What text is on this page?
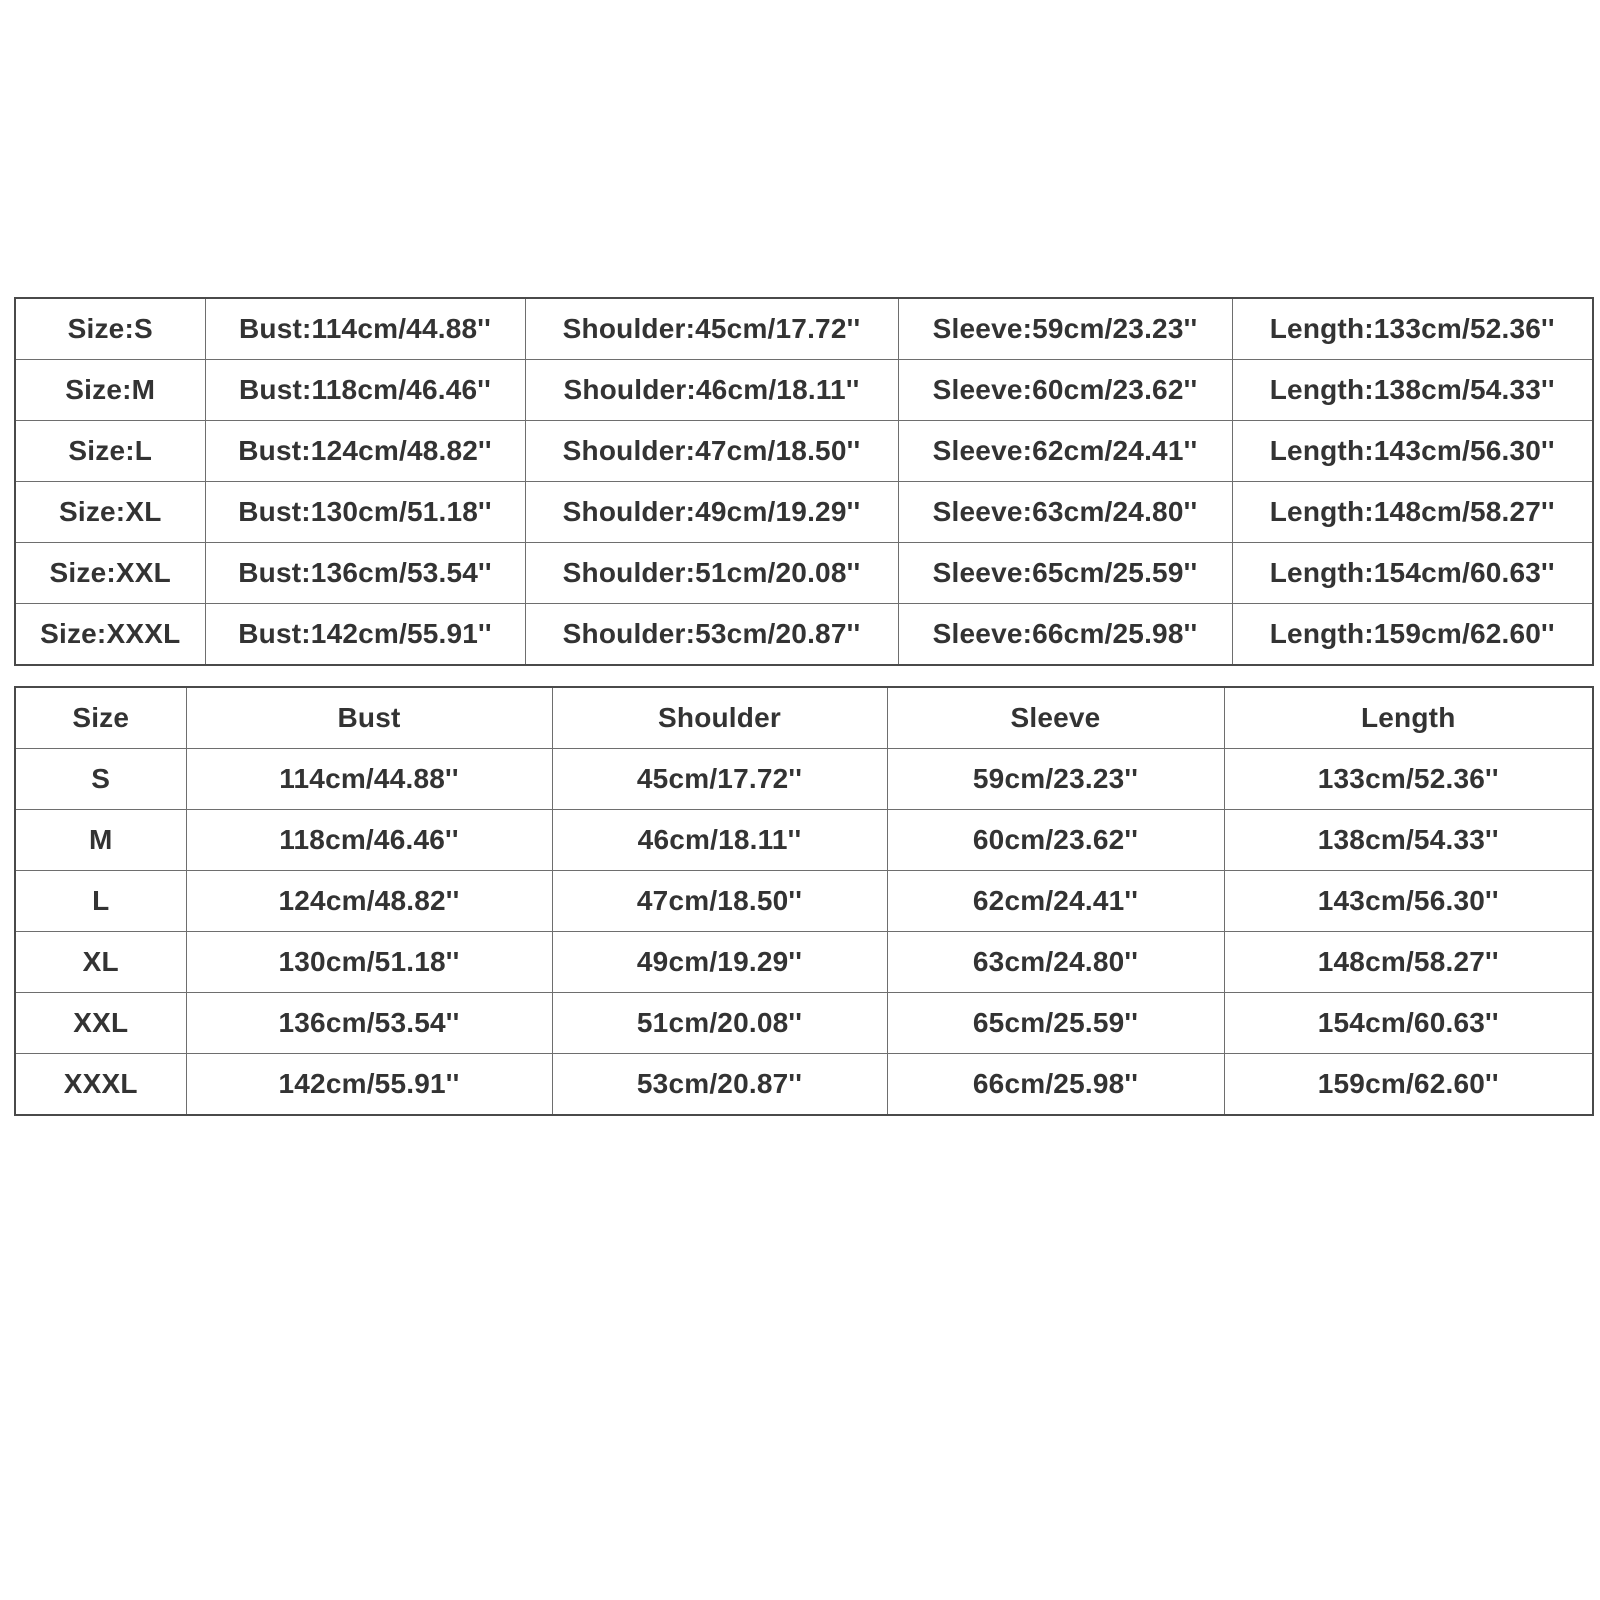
Size:S	Bust:114cm/44.88''	Shoulder:45cm/17.72''	Sleeve:59cm/23.23''	Length:133cm/52.36''
Size:M	Bust:118cm/46.46''	Shoulder:46cm/18.11''	Sleeve:60cm/23.62''	Length:138cm/54.33''
Size:L	Bust:124cm/48.82''	Shoulder:47cm/18.50''	Sleeve:62cm/24.41''	Length:143cm/56.30''
Size:XL	Bust:130cm/51.18''	Shoulder:49cm/19.29''	Sleeve:63cm/24.80''	Length:148cm/58.27''
Size:XXL	Bust:136cm/53.54''	Shoulder:51cm/20.08''	Sleeve:65cm/25.59''	Length:154cm/60.63''
Size:XXXL	Bust:142cm/55.91''	Shoulder:53cm/20.87''	Sleeve:66cm/25.98''	Length:159cm/62.60''
Size	Bust	Shoulder	Sleeve	Length
S	114cm/44.88''	45cm/17.72''	59cm/23.23''	133cm/52.36''
M	118cm/46.46''	46cm/18.11''	60cm/23.62''	138cm/54.33''
L	124cm/48.82''	47cm/18.50''	62cm/24.41''	143cm/56.30''
XL	130cm/51.18''	49cm/19.29''	63cm/24.80''	148cm/58.27''
XXL	136cm/53.54''	51cm/20.08''	65cm/25.59''	154cm/60.63''
XXXL	142cm/55.91''	53cm/20.87''	66cm/25.98''	159cm/62.60''
